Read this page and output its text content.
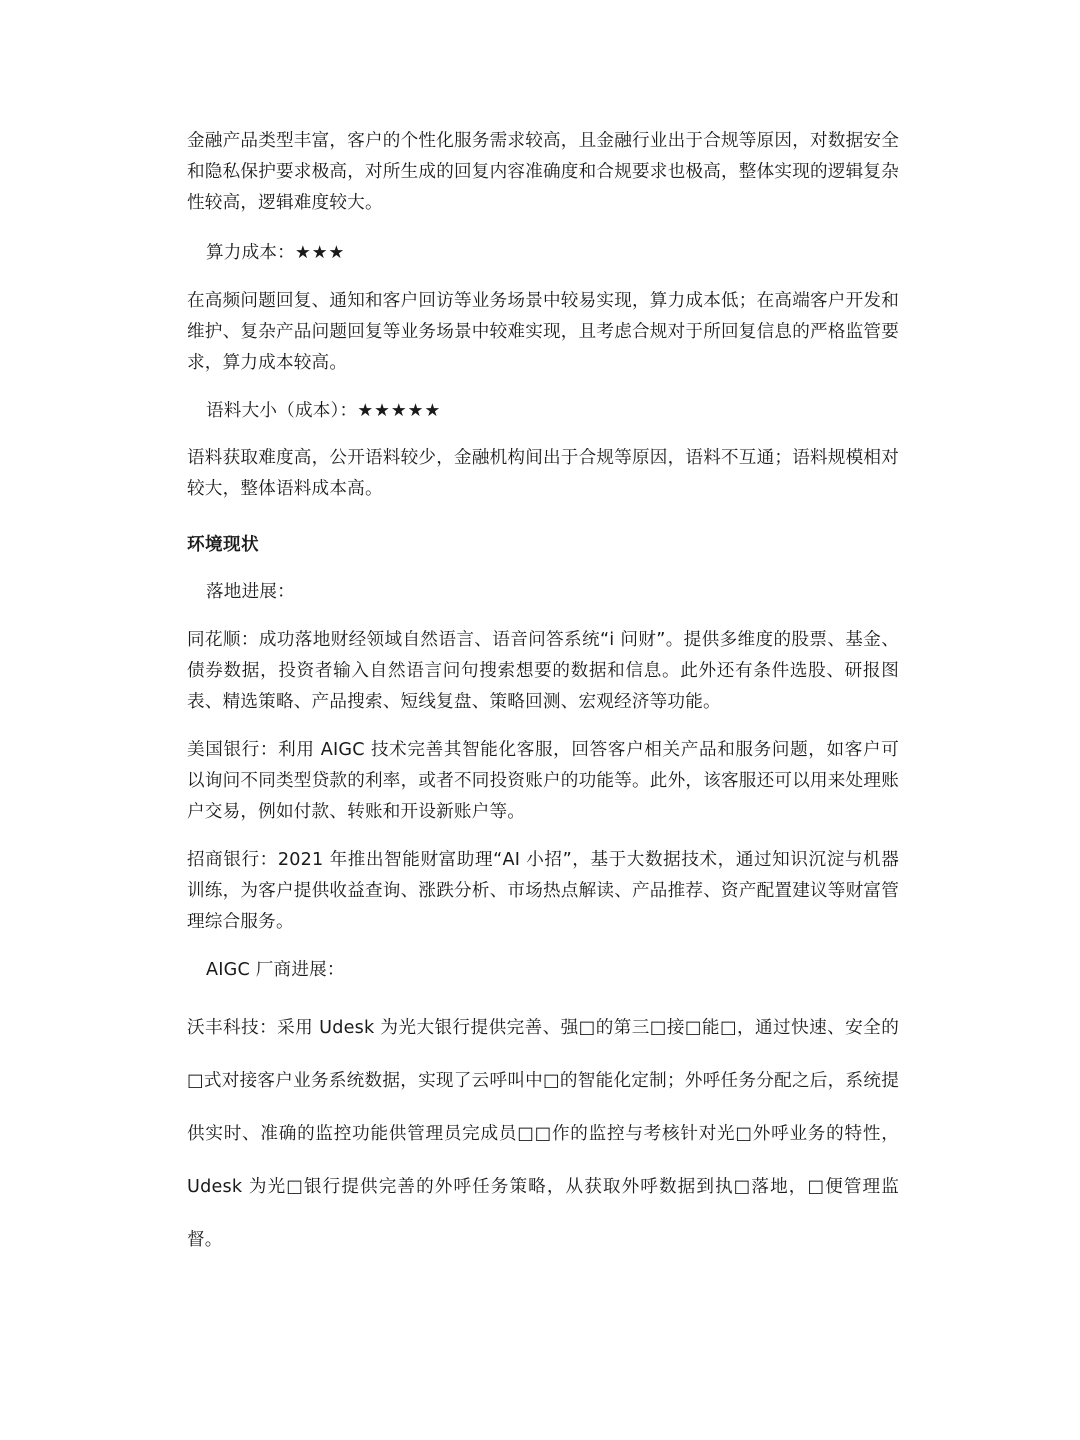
金融产品类型丰富，客户的个性化服务需求较高，且金融行业出于合规等原因，对数据安全和隐私保护要求极高，对所生成的回复内容准确度和合规要求也极高，整体实现的逻辑复杂性较高，逻辑难度较大。

算力成本：★★★

在高频问题回复、通知和客户回访等业务场景中较易实现，算力成本低；在高端客户开发和维护、复杂产品问题回复等业务场景中较难实现，且考虑合规对于所回复信息的严格监管要求，算力成本较高。

语料大小（成本）：★★★★★

语料获取难度高，公开语料较少，金融机构间出于合规等原因，语料不互通；语料规模相对较大，整体语料成本高。

环境现状

落地进展：

同花顺：成功落地财经领域自然语言、语音问答系统“i 问财”。提供多维度的股票、基金、债券数据，投资者输入自然语言问句搜索想要的数据和信息。此外还有条件选股、研报图表、精选策略、产品搜索、短线复盘、策略回测、宏观经济等功能。

美国银行：利用 AIGC 技术完善其智能化客服，回答客户相关产品和服务问题，如客户可以询问不同类型贷款的利率，或者不同投资账户的功能等。此外，该客服还可以用来处理账户交易，例如付款、转账和开设新账户等。

招商银行：2021 年推出智能财富助理“AI 小招”，基于大数据技术，通过知识沉淀与机器训练，为客户提供收益查询、涨跌分析、市场热点解读、产品推荐、资产配置建议等财富管理综合服务。

AIGC 厂商进展：

沃丰科技：采用 Udesk 为光大银行提供完善、强□的第三□接□能□，通过快速、安全的□式对接客户业务系统数据，实现了云呼叫中□的智能化定制；外呼任务分配之后，系统提供实时、准确的监控功能供管理员完成员□□作的监控与考核针对光□外呼业务的特性，Udesk 为光□银行提供完善的外呼任务策略，从获取外呼数据到执□落地，□便管理监督。
